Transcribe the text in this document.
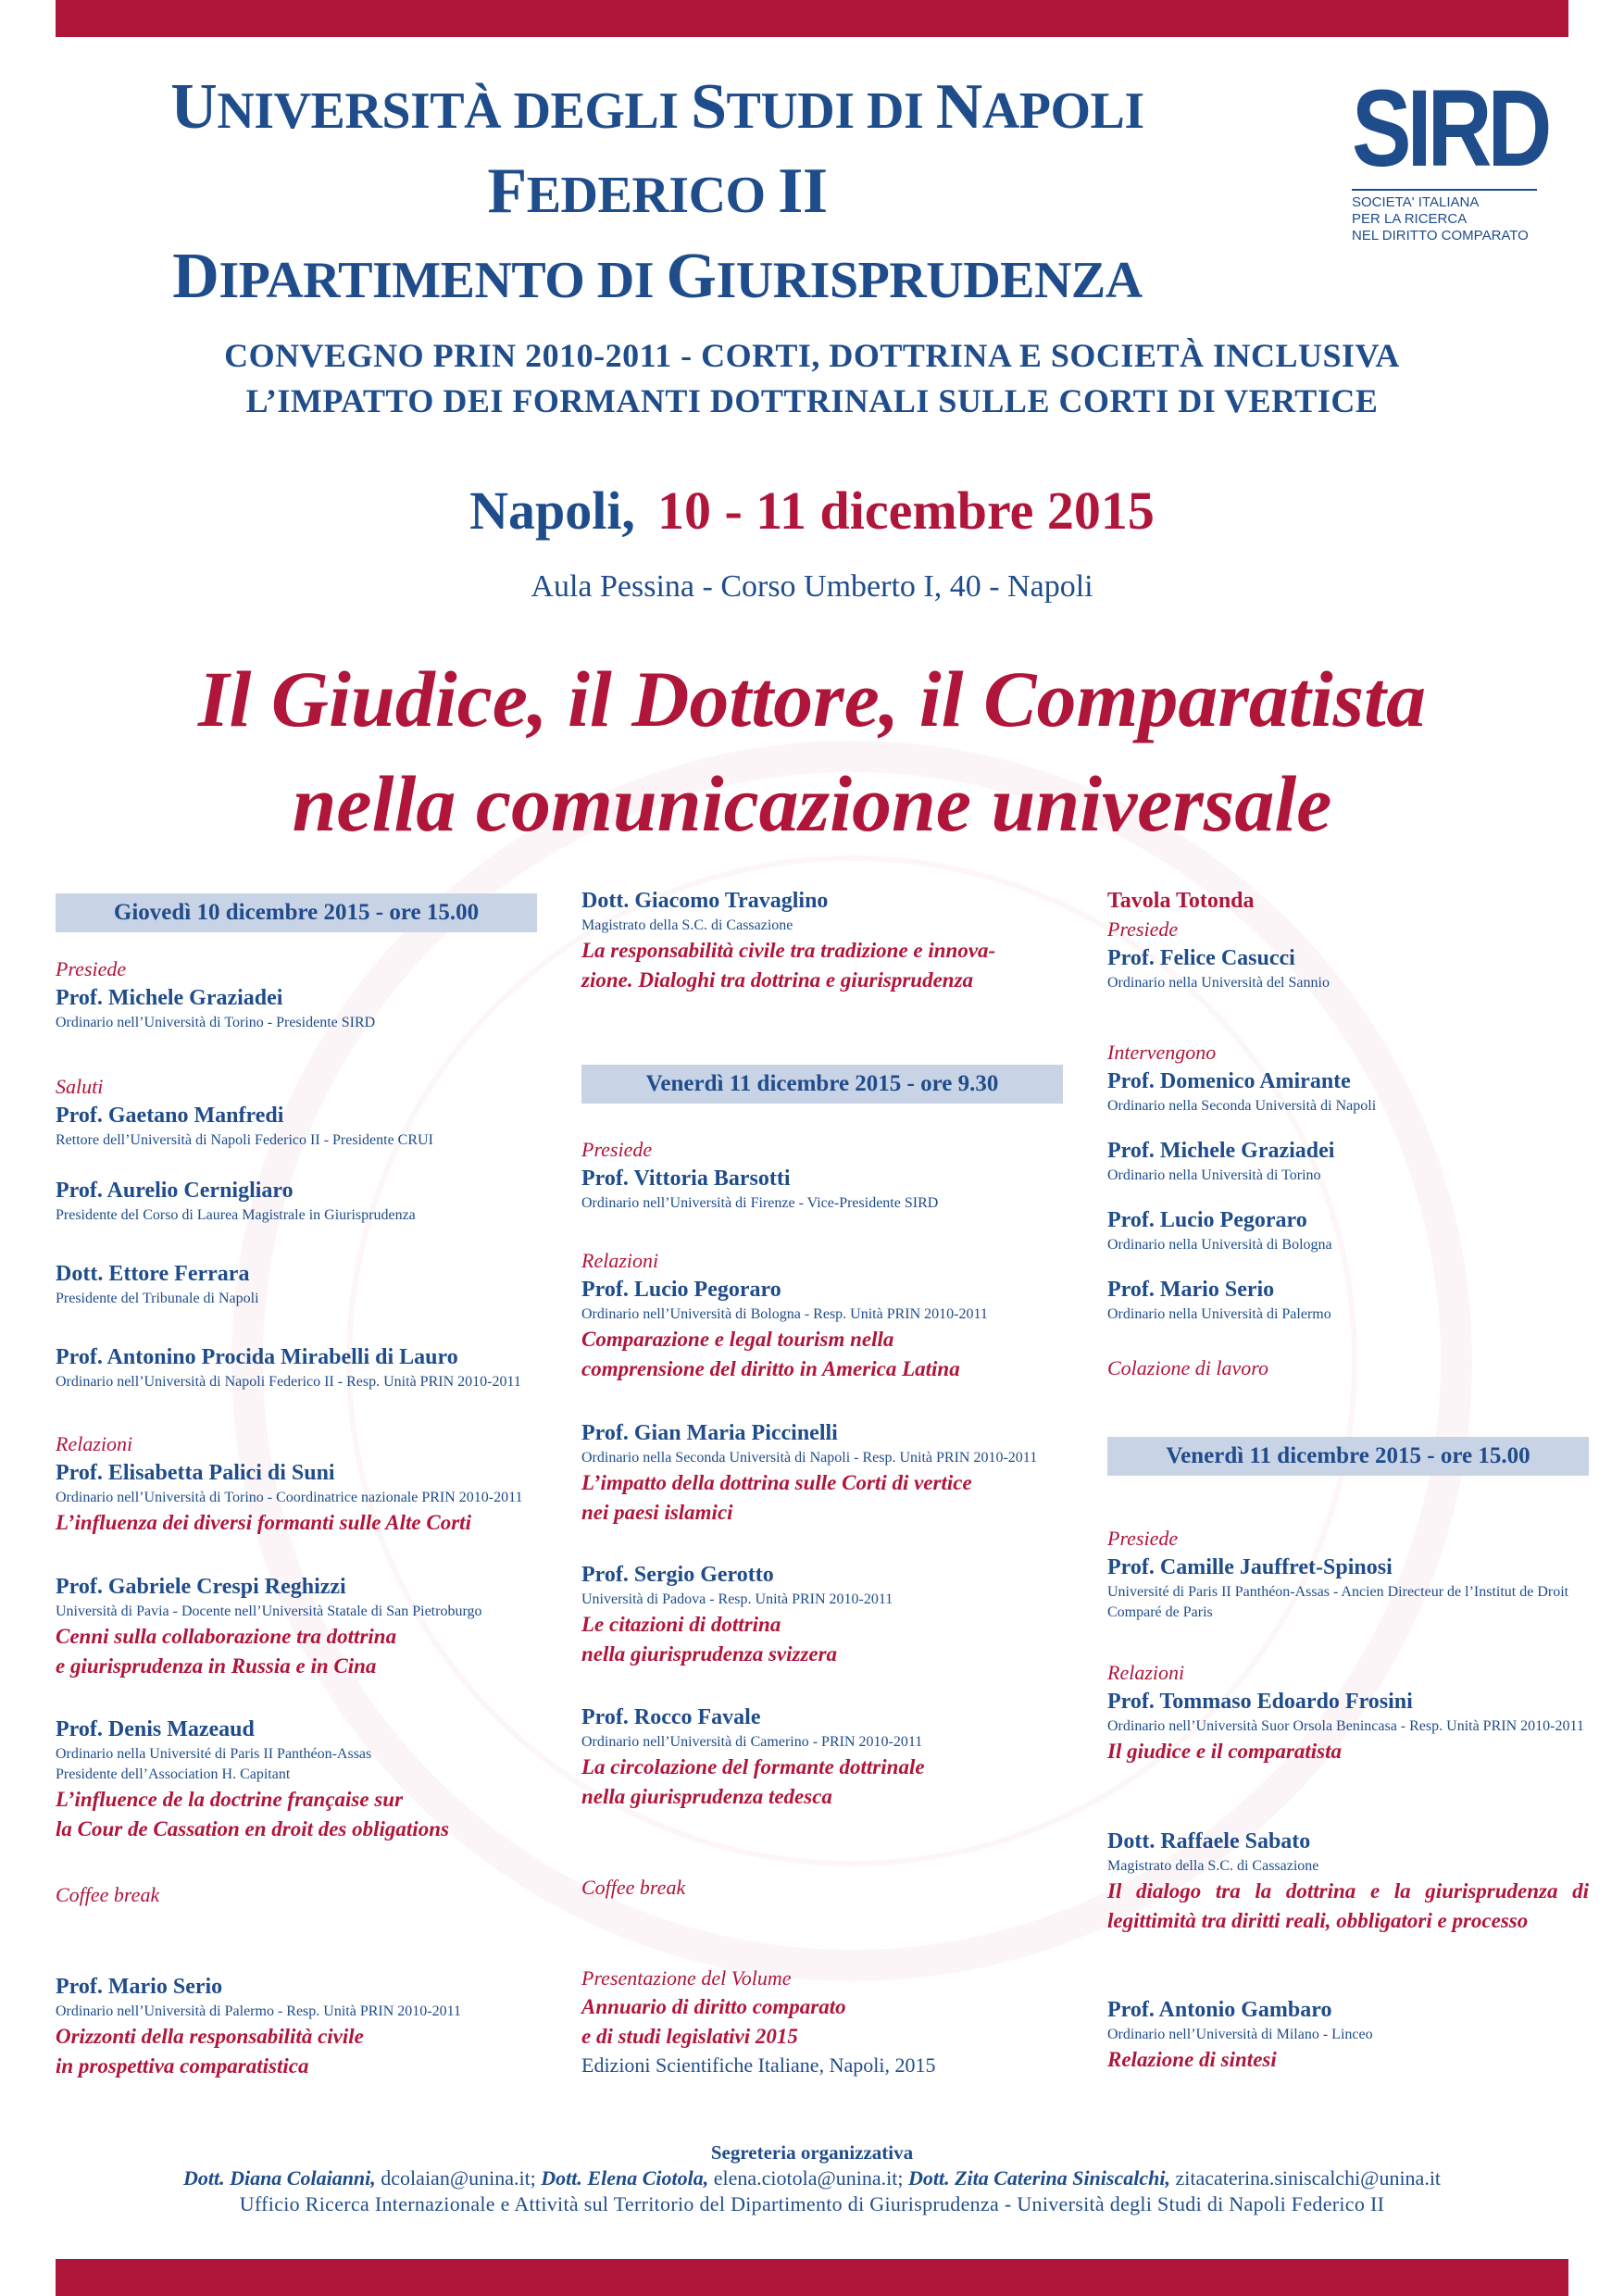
UNIVERSITÀ DEGLI STUDI DI NAPOLI FEDERICO II
DIPARTIMENTO DI GIURISPRUDENZA
SIRD
SOCIETA' ITALIANA
PER LA RICERCA
NEL DIRITTO COMPARATO
CONVEGNO PRIN 2010-2011 - CORTI, DOTTRINA E SOCIETÀ INCLUSIVA
L’IMPATTO DEI FORMANTI DOTTRINALI SULLE CORTI DI VERTICE
Napoli, 10 - 11 dicembre 2015
Aula Pessina - Corso Umberto I, 40 - Napoli
Il Giudice, il Dottore, il Comparatista
nella comunicazione universale
Giovedì 10 dicembre 2015 - ore 15.00
Presiede
Prof. Michele Graziadei
Ordinario nell’Università di Torino - Presidente SIRD
Saluti
Prof. Gaetano Manfredi
Rettore dell’Università di Napoli Federico II - Presidente CRUI
Prof. Aurelio Cernigliaro
Presidente del Corso di Laurea Magistrale in Giurisprudenza
Dott. Ettore Ferrara
Presidente del Tribunale di Napoli
Prof. Antonino Procida Mirabelli di Lauro
Ordinario nell’Università di Napoli Federico II - Resp. Unità PRIN 2010-2011
Relazioni
Prof. Elisabetta Palici di Suni
Ordinario nell’Università di Torino - Coordinatrice nazionale PRIN 2010-2011
L’influenza dei diversi formanti sulle Alte Corti
Prof. Gabriele Crespi Reghizzi
Università di Pavia - Docente nell’Università Statale di San Pietroburgo
Cenni sulla collaborazione tra dottrina
e giurisprudenza in Russia e in Cina
Prof. Denis Mazeaud
Ordinario nella Université di Paris II Panthéon-Assas
Presidente dell’Association H. Capitant
L’influence de la doctrine française sur
la Cour de Cassation en droit des obligations
Coffee break
Prof. Mario Serio
Ordinario nell’Università di Palermo - Resp. Unità PRIN 2010-2011
Orizzonti della responsabilità civile
in prospettiva comparatistica
Dott. Giacomo Travaglino
Magistrato della S.C. di Cassazione
La responsabilità civile tra tradizione e innova-
zione. Dialoghi tra dottrina e giurisprudenza
Venerdì 11 dicembre 2015 - ore 9.30
Presiede
Prof. Vittoria Barsotti
Ordinario nell’Università di Firenze - Vice-Presidente SIRD
Relazioni
Prof. Lucio Pegoraro
Ordinario nell’Università di Bologna - Resp. Unità PRIN 2010-2011
Comparazione e legal tourism nella
comprensione del diritto in America Latina
Prof. Gian Maria Piccinelli
Ordinario nella Seconda Università di Napoli - Resp. Unità PRIN 2010-2011
L’impatto della dottrina sulle Corti di vertice
nei paesi islamici
Prof. Sergio Gerotto
Università di Padova - Resp. Unità PRIN 2010-2011
Le citazioni di dottrina
nella giurisprudenza svizzera
Prof. Rocco Favale
Ordinario nell’Università di Camerino - PRIN 2010-2011
La circolazione del formante dottrinale
nella giurisprudenza tedesca
Coffee break
Presentazione del Volume
Annuario di diritto comparato
e di studi legislativi 2015
Edizioni Scientifiche Italiane, Napoli, 2015
Tavola Totonda
Presiede
Prof. Felice Casucci
Ordinario nella Università del Sannio
Intervengono
Prof. Domenico Amirante
Ordinario nella Seconda Università di Napoli
Prof. Michele Graziadei
Ordinario nella Università di Torino
Prof. Lucio Pegoraro
Ordinario nella Università di Bologna
Prof. Mario Serio
Ordinario nella Università di Palermo
Colazione di lavoro
Venerdì 11 dicembre 2015 - ore 15.00
Presiede
Prof. Camille Jauffret-Spinosi
Université di Paris II Panthéon-Assas - Ancien Directeur de l’Institut de Droit Comparé de Paris
Relazioni
Prof. Tommaso Edoardo Frosini
Ordinario nell’Università Suor Orsola Benincasa - Resp. Unità PRIN 2010-2011
Il giudice e il comparatista
Dott. Raffaele Sabato
Magistrato della S.C. di Cassazione
Il dialogo tra la dottrina e la giurisprudenza di legittimità tra diritti reali, obbligatori e processo
Prof. Antonio Gambaro
Ordinario nell’Università di Milano - Linceo
Relazione di sintesi
Segreteria organizzativa
Dott. Diana Colaianni, dcolaian@unina.it; Dott. Elena Ciotola, elena.ciotola@unina.it; Dott. Zita Caterina Siniscalchi, zitacaterina.siniscalchi@unina.it
Ufficio Ricerca Internazionale e Attività sul Territorio del Dipartimento di Giurisprudenza - Università degli Studi di Napoli Federico II
